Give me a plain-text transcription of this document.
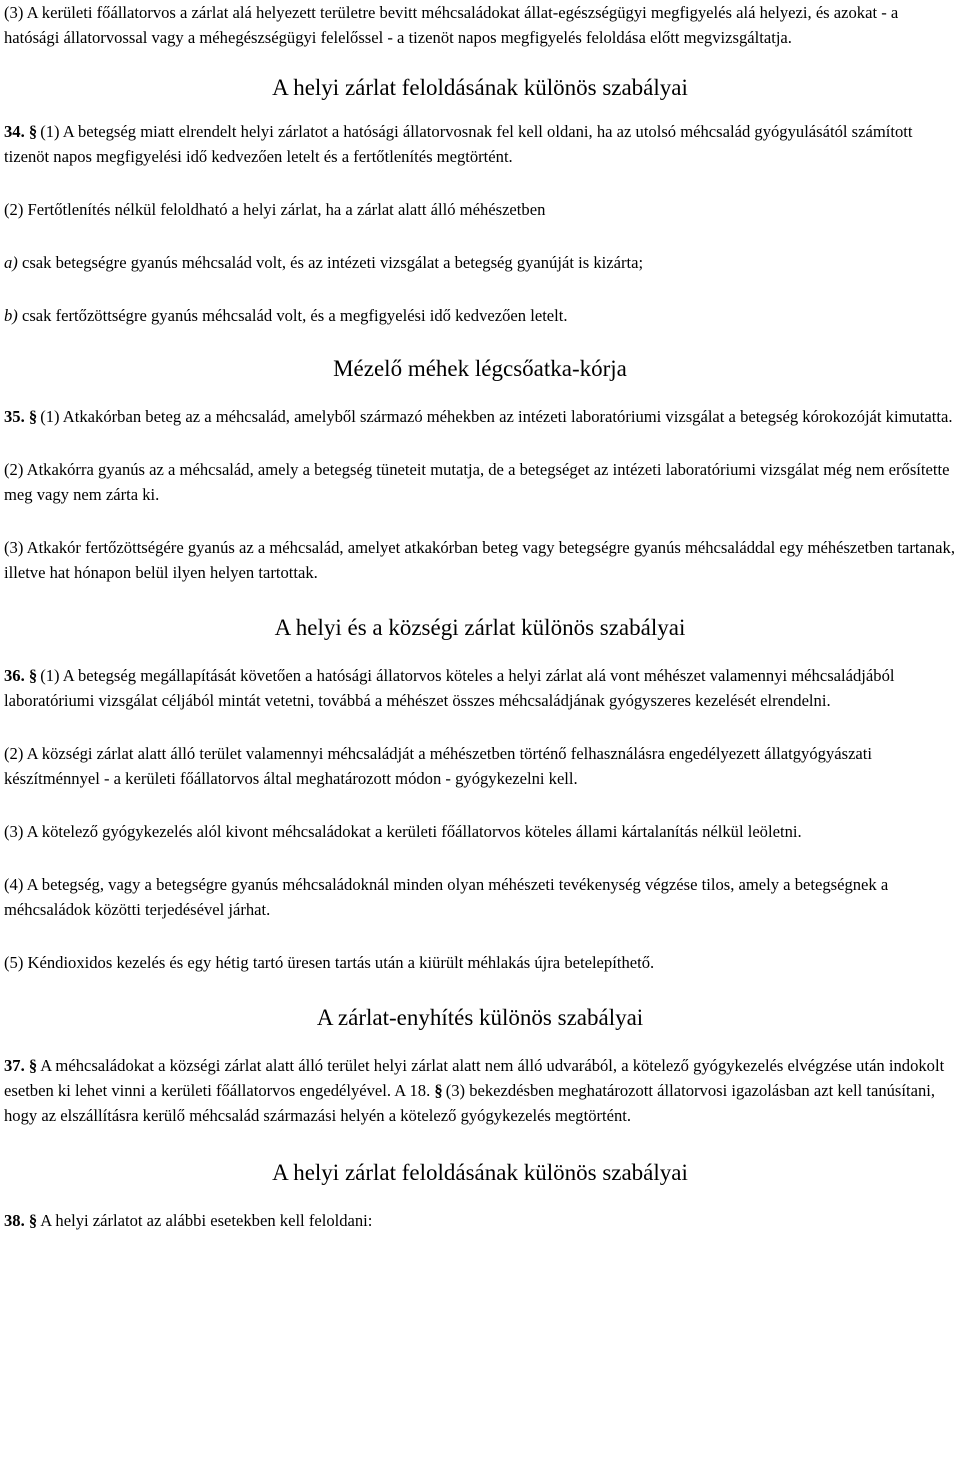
(3) A kerületi főállatorvos a zárlat alá helyezett területre bevitt méhcsaládokat állat-egészségügyi megfigyelés alá helyezi, és azokat - a hatósági állatorvossal vagy a méhegészségügyi felelőssel - a tizenöt napos megfigyelés feloldása előtt megvizsgáltatja.

A helyi zárlat feloldásának különös szabályai

34. § (1) A betegség miatt elrendelt helyi zárlatot a hatósági állatorvosnak fel kell oldani, ha az utolsó méhcsalád gyógyulásától számított tizenöt napos megfigyelési idő kedvezően letelt és a fertőtlenítés megtörtént.

(2) Fertőtlenítés nélkül feloldható a helyi zárlat, ha a zárlat alatt álló méhészetben

a) csak betegségre gyanús méhcsalád volt, és az intézeti vizsgálat a betegség gyanúját is kizárta;

b) csak fertőzöttségre gyanús méhcsalád volt, és a megfigyelési idő kedvezően letelt.

Mézelő méhek légcsőatka-kórja

35. § (1) Atkakórban beteg az a méhcsalád, amelyből származó méhekben az intézeti laboratóriumi vizsgálat a betegség kórokozóját kimutatta.

(2) Atkakórra gyanús az a méhcsalád, amely a betegség tüneteit mutatja, de a betegséget az intézeti laboratóriumi vizsgálat még nem erősítette meg vagy nem zárta ki.

(3) Atkakór fertőzöttségére gyanús az a méhcsalád, amelyet atkakórban beteg vagy betegségre gyanús méhcsaláddal egy méhészetben tartanak, illetve hat hónapon belül ilyen helyen tartottak.

A helyi és a községi zárlat különös szabályai

36. § (1) A betegség megállapítását követően a hatósági állatorvos köteles a helyi zárlat alá vont méhészet valamennyi méhcsaládjából laboratóriumi vizsgálat céljából mintát vetetni, továbbá a méhészet összes méhcsaládjának gyógyszeres kezelését elrendelni.

(2) A községi zárlat alatt álló terület valamennyi méhcsaládját a méhészetben történő felhasználásra engedélyezett állatgyógyászati készítménnyel - a kerületi főállatorvos által meghatározott módon - gyógykezelni kell.

(3) A kötelező gyógykezelés alól kivont méhcsaládokat a kerületi főállatorvos köteles állami kártalanítás nélkül leöletni.

(4) A betegség, vagy a betegségre gyanús méhcsaládoknál minden olyan méhészeti tevékenység végzése tilos, amely a betegségnek a méhcsaládok közötti terjedésével járhat.

(5) Kéndioxidos kezelés és egy hétig tartó üresen tartás után a kiürült méhlakás újra betelepíthető.

A zárlat-enyhítés különös szabályai

37. § A méhcsaládokat a községi zárlat alatt álló terület helyi zárlat alatt nem álló udvarából, a kötelező gyógykezelés elvégzése után indokolt esetben ki lehet vinni a kerületi főállatorvos engedélyével. A 18. § (3) bekezdésben meghatározott állatorvosi igazolásban azt kell tanúsítani, hogy az elszállításra kerülő méhcsalád származási helyén a kötelező gyógykezelés megtörtént.

A helyi zárlat feloldásának különös szabályai

38. § A helyi zárlatot az alábbi esetekben kell feloldani:
